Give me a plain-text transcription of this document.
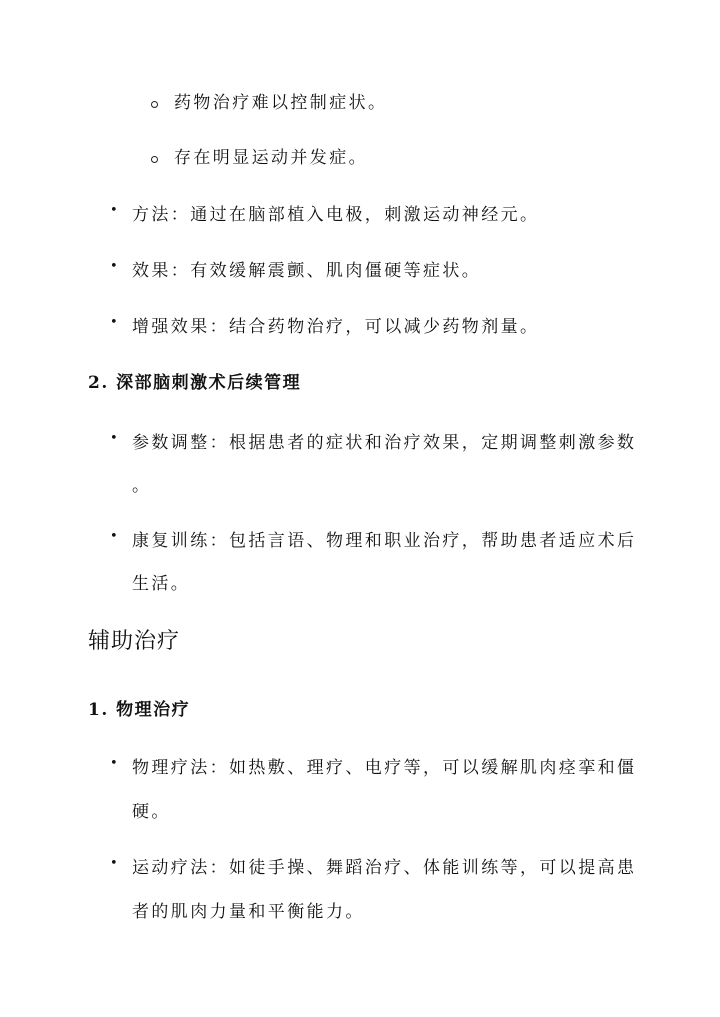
药物治疗难以控制症状。
存在明显运动并发症。
• 方法：通过在脑部植入电极，刺激运动神经元。
• 效果：有效缓解震颤、肌肉僵硬等症状。
• 增强效果：结合药物治疗，可以减少药物剂量。
2. 深部脑刺激术后续管理
• 参数调整：根据患者的症状和治疗效果，定期调整刺激参数
。
• 康复训练：包括言语、物理和职业治疗，帮助患者适应术后
生活。
辅助治疗
1. 物理治疗
• 物理疗法：如热敷、理疗、电疗等，可以缓解肌肉痉挛和僵
硬。
• 运动疗法：如徒手操、舞蹈治疗、体能训练等，可以提高患
者的肌肉力量和平衡能力。
